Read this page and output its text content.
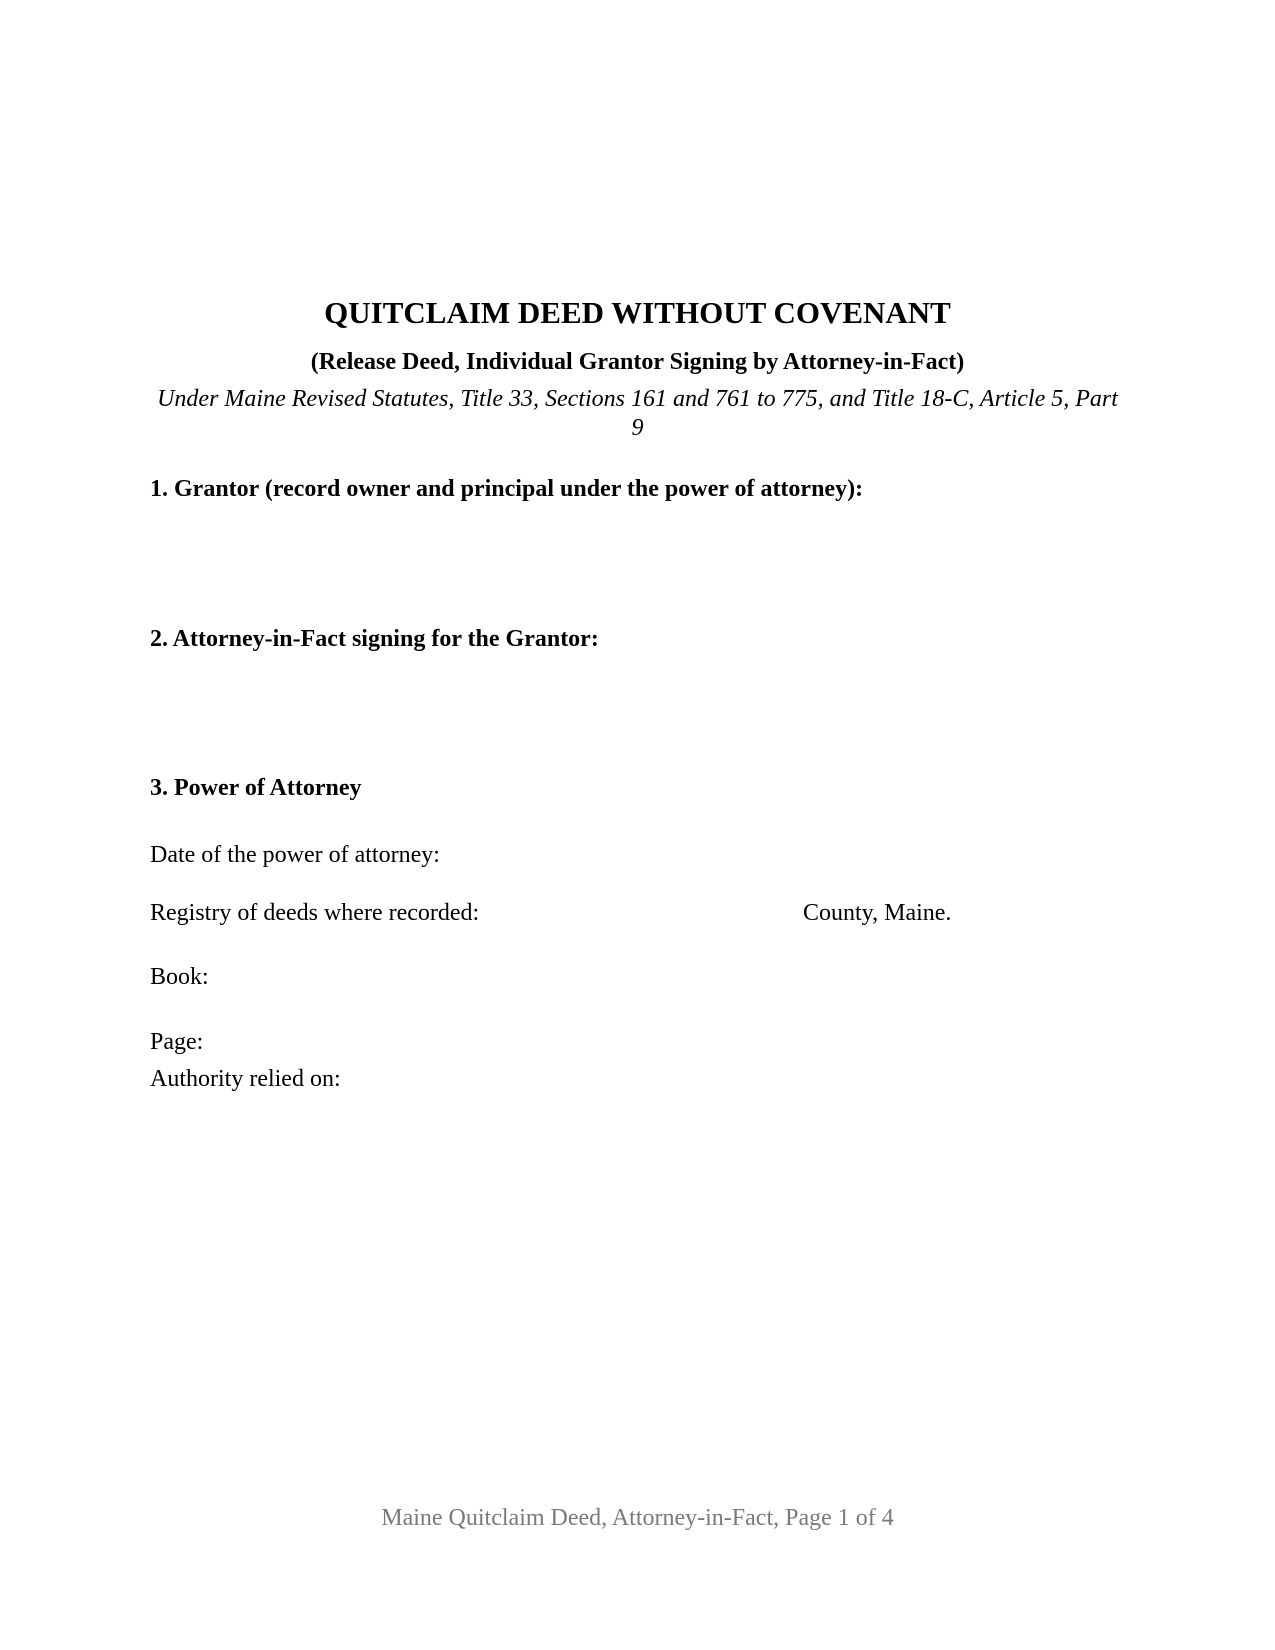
QUITCLAIM DEED WITHOUT COVENANT
(Release Deed, Individual Grantor Signing by Attorney-in-Fact)

Under Maine Revised Statutes, Title 33, Sections 161 and 761 to 775, and Title 18-C, Article 5, Part 9

1. Grantor (record owner and principal under the power of attorney):
2. Attorney-in-Fact signing for the Grantor:
3. Power of Attorney

Date of the power of attorney:

Registry of deeds where recorded:	County, Maine.

Book:

Page:

Authority relied on:

Maine Quitclaim Deed, Attorney-in-Fact, Page 1 of 4
